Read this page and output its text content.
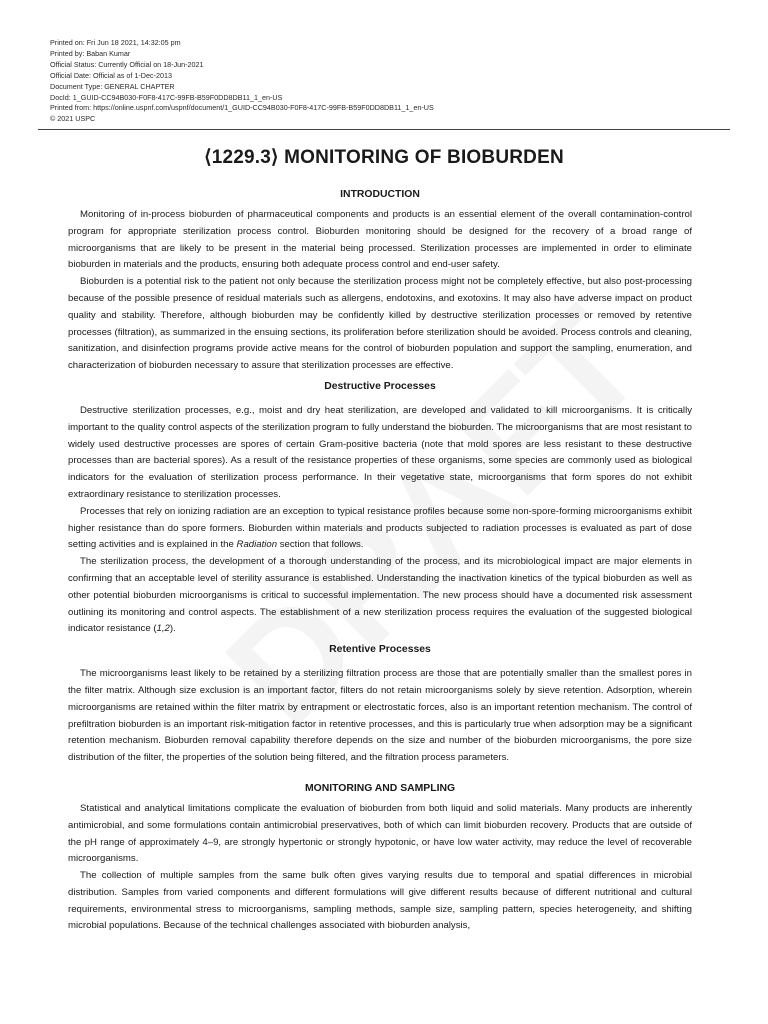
Printed on: Fri Jun 18 2021, 14:32:05 pm
Printed by: Baban Kumar
Official Status: Currently Official on 18-Jun-2021
Official Date: Official as of 1-Dec-2013
Document Type: GENERAL CHAPTER
DocId: 1_GUID-CC94B030-F0F8-417C-99FB-B59F0DD8DB11_1_en-US
Printed from: https://online.uspnf.com/uspnf/document/1_GUID-CC94B030-F0F8-417C-99FB-B59F0DD8DB11_1_en-US
© 2021 USPC
⟨1229.3⟩ MONITORING OF BIOBURDEN
INTRODUCTION

Monitoring of in-process bioburden of pharmaceutical components and products is an essential element of the overall contamination-control program for appropriate sterilization process control. Bioburden monitoring should be designed for the recovery of a broad range of microorganisms that are likely to be present in the material being processed. Sterilization processes are implemented in order to eliminate bioburden in materials and the products, ensuring both adequate process control and end-user safety.

Bioburden is a potential risk to the patient not only because the sterilization process might not be completely effective, but also post-processing because of the possible presence of residual materials such as allergens, endotoxins, and exotoxins. It may also have adverse impact on product quality and stability. Therefore, although bioburden may be confidently killed by destructive sterilization processes or removed by retentive processes (filtration), as summarized in the ensuing sections, its proliferation before sterilization should be avoided. Process controls and cleaning, sanitization, and disinfection programs provide active means for the control of bioburden population and support the sampling, enumeration, and characterization of bioburden necessary to assure that sterilization processes are effective.

Destructive Processes

Destructive sterilization processes, e.g., moist and dry heat sterilization, are developed and validated to kill microorganisms. It is critically important to the quality control aspects of the sterilization program to fully understand the bioburden. The microorganisms that are most resistant to widely used destructive processes are spores of certain Gram-positive bacteria (note that mold spores are less resistant to these destructive processes than are bacterial spores). As a result of the resistance properties of these organisms, some species are commonly used as biological indicators for the evaluation of sterilization process performance. In their vegetative state, microorganisms that form spores do not exhibit extraordinary resistance to sterilization processes.

Processes that rely on ionizing radiation are an exception to typical resistance profiles because some non-spore-forming microorganisms exhibit higher resistance than do spore formers. Bioburden within materials and products subjected to radiation processes is evaluated as part of dose setting activities and is explained in the Radiation section that follows.

The sterilization process, the development of a thorough understanding of the process, and its microbiological impact are major elements in confirming that an acceptable level of sterility assurance is established. Understanding the inactivation kinetics of the typical bioburden as well as other potential bioburden microorganisms is critical to successful implementation. The new process should have a documented risk assessment outlining its monitoring and control aspects. The establishment of a new sterilization process requires the evaluation of the suggested biological indicator resistance (1,2).

Retentive Processes

The microorganisms least likely to be retained by a sterilizing filtration process are those that are potentially smaller than the smallest pores in the filter matrix. Although size exclusion is an important factor, filters do not retain microorganisms solely by sieve retention. Adsorption, wherein microorganisms are retained within the filter matrix by entrapment or electrostatic forces, also is an important retention mechanism. The control of prefiltration bioburden is an important risk-mitigation factor in retentive processes, and this is particularly true when adsorption may be a significant retention mechanism. Bioburden removal capability therefore depends on the size and number of the bioburden microorganisms, the pore size distribution of the filter, the properties of the solution being filtered, and the filtration process parameters.

MONITORING AND SAMPLING

Statistical and analytical limitations complicate the evaluation of bioburden from both liquid and solid materials. Many products are inherently antimicrobial, and some formulations contain antimicrobial preservatives, both of which can limit bioburden recovery. Products that are outside of the pH range of approximately 4–9, are strongly hypertonic or strongly hypotonic, or have low water activity, may reduce the level of recoverable microorganisms.

The collection of multiple samples from the same bulk often gives varying results due to temporal and spatial differences in microbial distribution. Samples from varied components and different formulations will give different results because of different nutritional and cultural requirements, environmental stress to microorganisms, sampling methods, sample size, sampling pattern, species heterogeneity, and shifting microbial populations. Because of the technical challenges associated with bioburden analysis,
